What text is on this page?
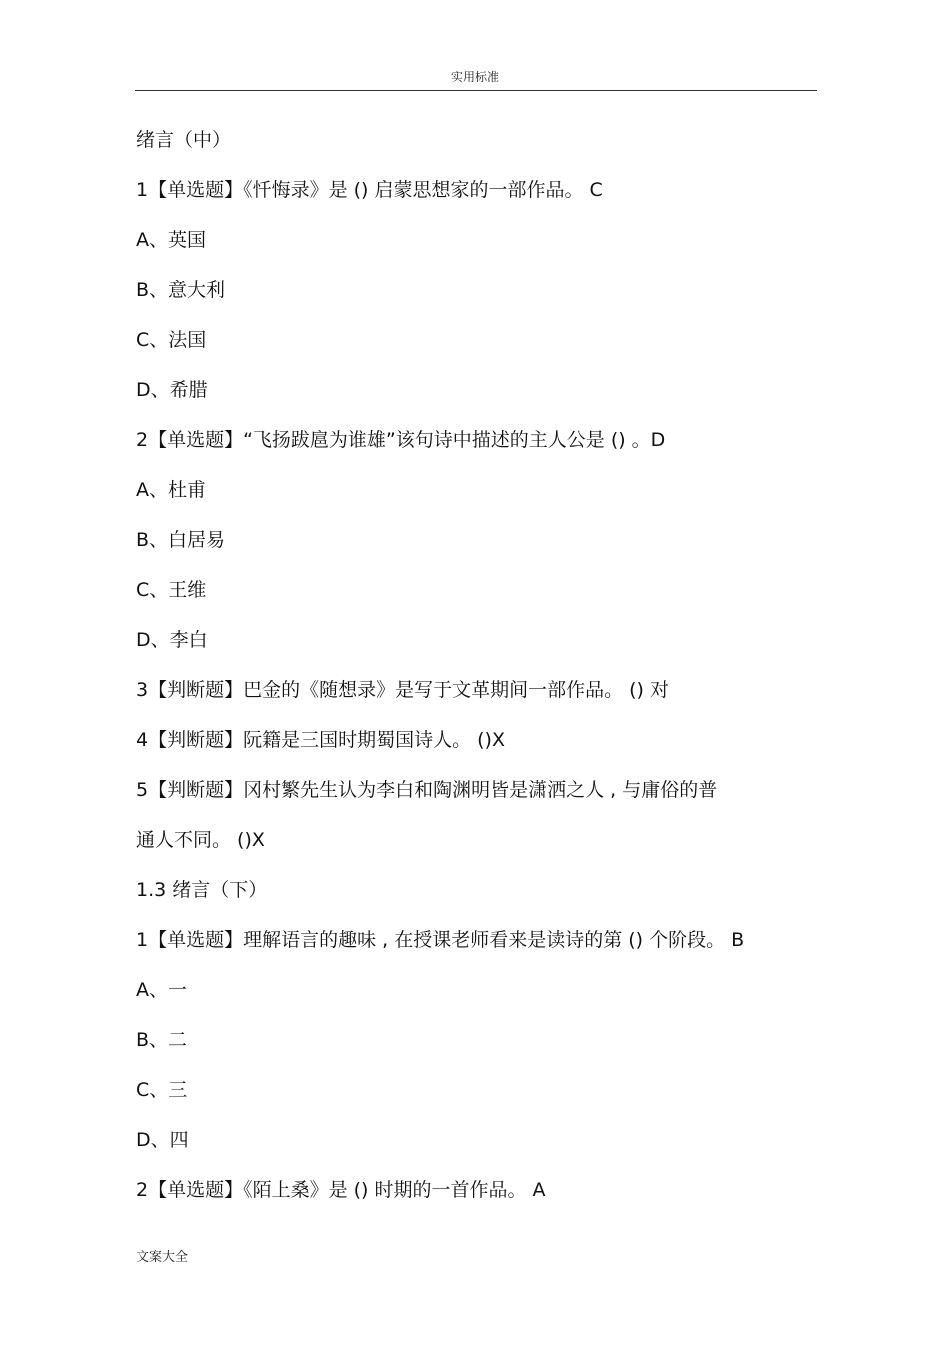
实用标准
绪言（中）
1【单选题】《忏悔录》是 () 启蒙思想家的一部作品。 C
A、英国
B、意大利
C、法国
D、希腊
2【单选题】“飞扬跋扈为谁雄”该句诗中描述的主人公是 () 。D
A、杜甫
B、白居易
C、王维
D、李白
3【判断题】巴金的《随想录》是写于文革期间一部作品。 () 对
4【判断题】阮籍是三国时期蜀国诗人。 ()X
5【判断题】冈村繁先生认为李白和陶渊明皆是潇洒之人 , 与庸俗的普
通人不同。 ()X
1.3 绪言（下）
1【单选题】理解语言的趣味 , 在授课老师看来是读诗的第 () 个阶段。 B
A、一
B、二
C、三
D、四
2【单选题】《陌上桑》是 () 时期的一首作品。 A
文案大全
